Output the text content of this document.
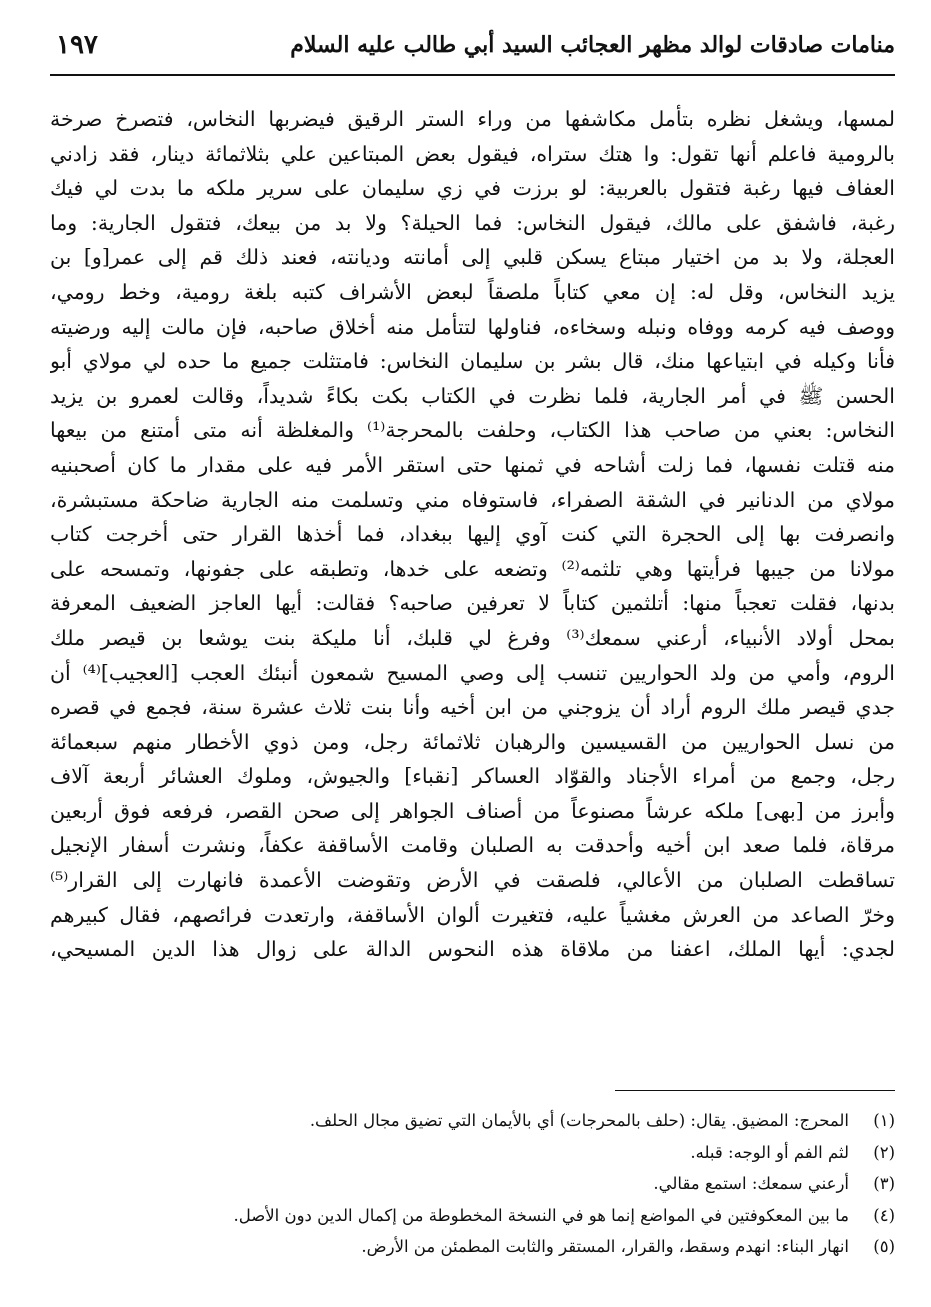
منامات صادقات لوالد مظهر العجائب السيد أبي طالب عليه السلام
١٩٧
لمسها، ويشغل نظره بتأمل مكاشفها من وراء الستر الرقيق فيضربها النخاس، فتصرخ صرخة
بالرومية فاعلم أنها تقول: وا هتك ستراه، فيقول بعض المبتاعين علي بثلاثمائة دينار، فقد زادني
العفاف فيها رغبة فتقول بالعربية: لو برزت في زي سليمان على سرير ملكه ما بدت لي فيك
رغبة، فاشفق على مالك، فيقول النخاس: فما الحيلة؟ ولا بد من بيعك، فتقول الجارية: وما
العجلة، ولا بد من اختيار مبتاع يسكن قلبي إلى أمانته وديانته، فعند ذلك قم إلى عمر[و] بن
يزيد النخاس، وقل له: إن معي كتاباً ملصقاً لبعض الأشراف كتبه بلغة رومية، وخط رومي،
ووصف فيه كرمه ووفاه ونبله وسخاءه، فناولها لتتأمل منه أخلاق صاحبه، فإن مالت إليه ورضيته
فأنا وكيله في ابتياعها منك، قال بشر بن سليمان النخاس: فامتثلت جميع ما حده لي مولاي أبو
الحسن ﷺ في أمر الجارية، فلما نظرت في الكتاب بكت بكاءً شديداً، وقالت لعمرو بن يزيد
النخاس: بعني من صاحب هذا الكتاب، وحلفت بالمحرجة⁽¹⁾ والمغلظة أنه متى أمتنع من بيعها
منه قتلت نفسها، فما زلت أشاحه في ثمنها حتى استقر الأمر فيه على مقدار ما كان أصحبنيه
مولاي من الدنانير في الشقة الصفراء، فاستوفاه مني وتسلمت منه الجارية ضاحكة مستبشرة،
وانصرفت بها إلى الحجرة التي كنت آوي إليها ببغداد، فما أخذها القرار حتى أخرجت كتاب
مولانا من جيبها فرأيتها وهي تلثمه⁽²⁾ وتضعه على خدها، وتطبقه على جفونها، وتمسحه على
بدنها، فقلت تعجباً منها: أتلثمين كتاباً لا تعرفين صاحبه؟ فقالت: أيها العاجز الضعيف المعرفة
بمحل أولاد الأنبياء، أرعني سمعك⁽³⁾ وفرغ لي قلبك، أنا مليكة بنت يوشعا بن قيصر ملك
الروم، وأمي من ولد الحواريين تنسب إلى وصي المسيح شمعون أنبئك العجب [العجيب]⁽⁴⁾ أن
جدي قيصر ملك الروم أراد أن يزوجني من ابن أخيه وأنا بنت ثلاث عشرة سنة، فجمع في قصره
من نسل الحواريين من القسيسين والرهبان ثلاثمائة رجل، ومن ذوي الأخطار منهم سبعمائة
رجل، وجمع من أمراء الأجناد والقوّاد العساكر [نقباء] والجيوش، وملوك العشائر أربعة آلاف
وأبرز من [بهى] ملكه عرشاً مصنوعاً من أصناف الجواهر إلى صحن القصر، فرفعه فوق أربعين
مرقاة، فلما صعد ابن أخيه وأحدقت به الصلبان وقامت الأساقفة عكفاً، ونشرت أسفار الإنجيل
تساقطت الصلبان من الأعالي، فلصقت في الأرض وتقوضت الأعمدة فانهارت إلى القرار⁽⁵⁾
وخرّ الصاعد من العرش مغشياً عليه، فتغيرت ألوان الأساقفة، وارتعدت فرائصهم، فقال كبيرهم
لجدي: أيها الملك، اعفنا من ملاقاة هذه النحوس الدالة على زوال هذا الدين المسيحي،
(١)
المحرج: المضيق. يقال: (حلف بالمحرجات) أي بالأيمان التي تضيق مجال الحلف.
(٢)
لثم الفم أو الوجه: قبله.
(٣)
أرعني سمعك: استمع مقالي.
(٤)
ما بين المعكوفتين في المواضع إنما هو في النسخة المخطوطة من إكمال الدين دون الأصل.
(٥)
انهار البناء: انهدم وسقط، والقرار، المستقر والثابت المطمئن من الأرض.
